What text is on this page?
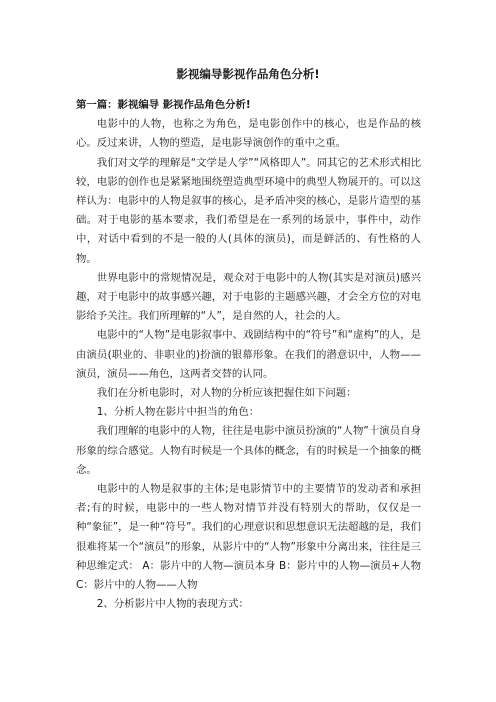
影视编导影视作品角色分析!

第一篇：影视编导 影视作品角色分析!

电影中的人物，也称之为角色，是电影创作中的核心，也是作品的核心。反过来讲，人物的塑造，是电影导演创作的重中之重。

我们对文学的理解是“文学是人学”“风格即人”。同其它的艺术形式相比较，电影的创作也是紧紧地围绕塑造典型环境中的典型人物展开的。可以这样认为：电影中的人物是叙事的核心，是矛盾冲突的核心，是影片造型的基础。对于电影的基本要求，我们希望是在一系列的场景中，事件中，动作中，对话中看到的不是一般的人(具体的演员)，而是鲜活的、有性格的人物。

世界电影中的常规情况是，观众对于电影中的人物(其实是对演员)感兴趣，对于电影中的故事感兴趣，对于电影的主题感兴趣，才会全方位的对电影给予关注。我们所理解的“人”，是自然的人，社会的人。

电影中的“人物”是电影叙事中、戏剧结构中的“符号”和“虚构”的人，是由演员(职业的、非职业的)扮演的银幕形象。在我们的潜意识中，人物——演员，演员——角色，这两者交替的认同。

我们在分析电影时，对人物的分析应该把握住如下问题：

1、分析人物在影片中担当的角色：

我们理解的电影中的人物，往往是电影中演员扮演的“人物”十演员自身形象的综合感觉。人物有时候是一个具体的概念，有的时候是一个抽象的概念。

电影中的人物是叙事的主体;是电影情节中的主要情节的发动者和承担者;有的时候，电影中的一些人物对情节并没有特别大的帮助，仅仅是一种“象征”，是一种“符号”。我们的心理意识和思想意识无法超越的是，我们很难将某一个“演员”的形象，从影片中的“人物”形象中分离出来，往往是三种思维定式： A：影片中的人物—演员本身 B：影片中的人物—演员+人物 C：影片中的人物——人物

2、分析影片中人物的表现方式：
